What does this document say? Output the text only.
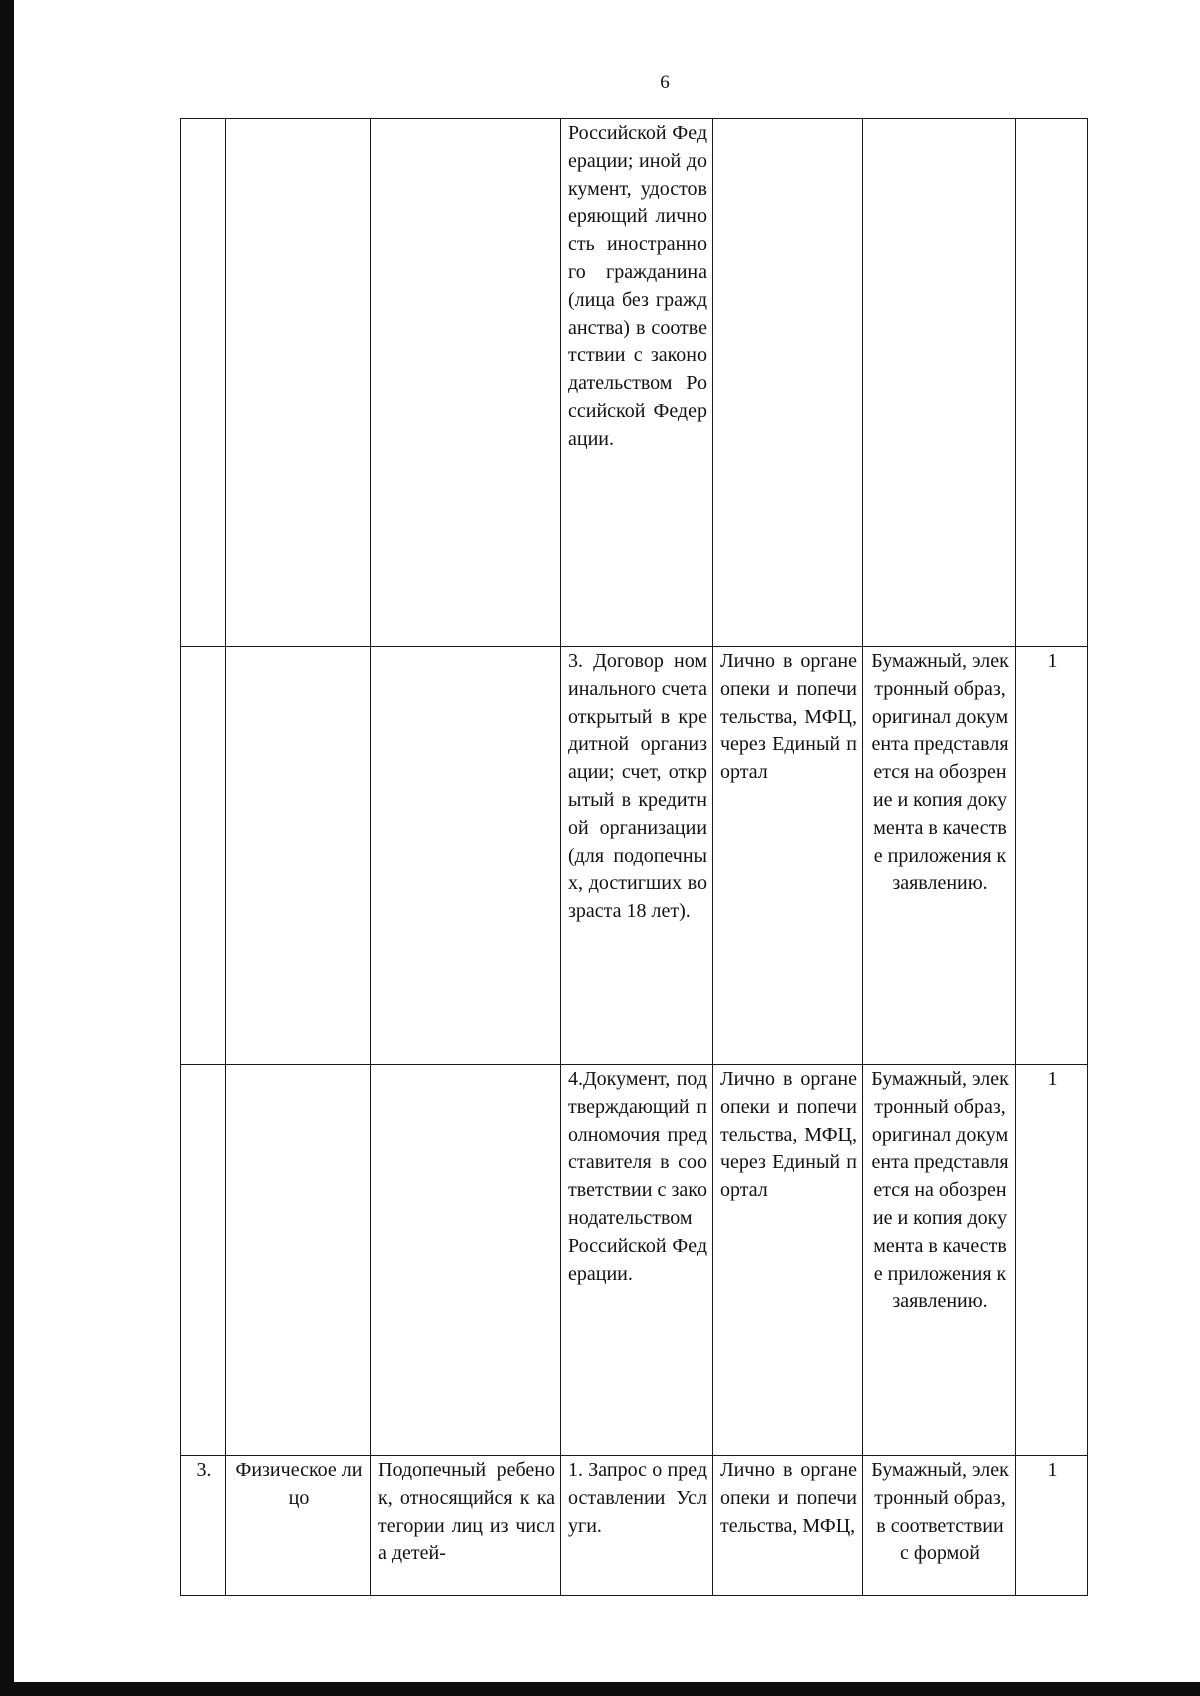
6
			Российской Федерации; иной документ, удостоверяющий личность иностранного гражданина (лица без гражданства) в соответствии с законодательством Российской Федерации.			
			3. Договор номинального счета открытый в кредитной организации; счет, открытый в кредитной организации (для подопечных, достигших возраста 18 лет).	Лично в органе опеки и попечительства, МФЦ, через Единый портал	Бумажный, электронный образ, оригинал документа представляется на обозрение и копия документа в качестве приложения к заявлению.	1
			4.Документ, подтверждающий полномочия представителя в соответствии с законодательством Российской Федерации.	Лично в органе опеки и попечительства, МФЦ, через Единый портал	Бумажный, электронный образ, оригинал документа представляется на обозрение и копия документа в качестве приложения к заявлению.	1
3.	Физическое лицо	Подопечный ребенок, относящийся к категории лиц из числа детей-	1. Запрос о предоставлении Услуги.	Лично в органе опеки и попечительства, МФЦ,	Бумажный, электронный образ, в соответствии с формой	1
